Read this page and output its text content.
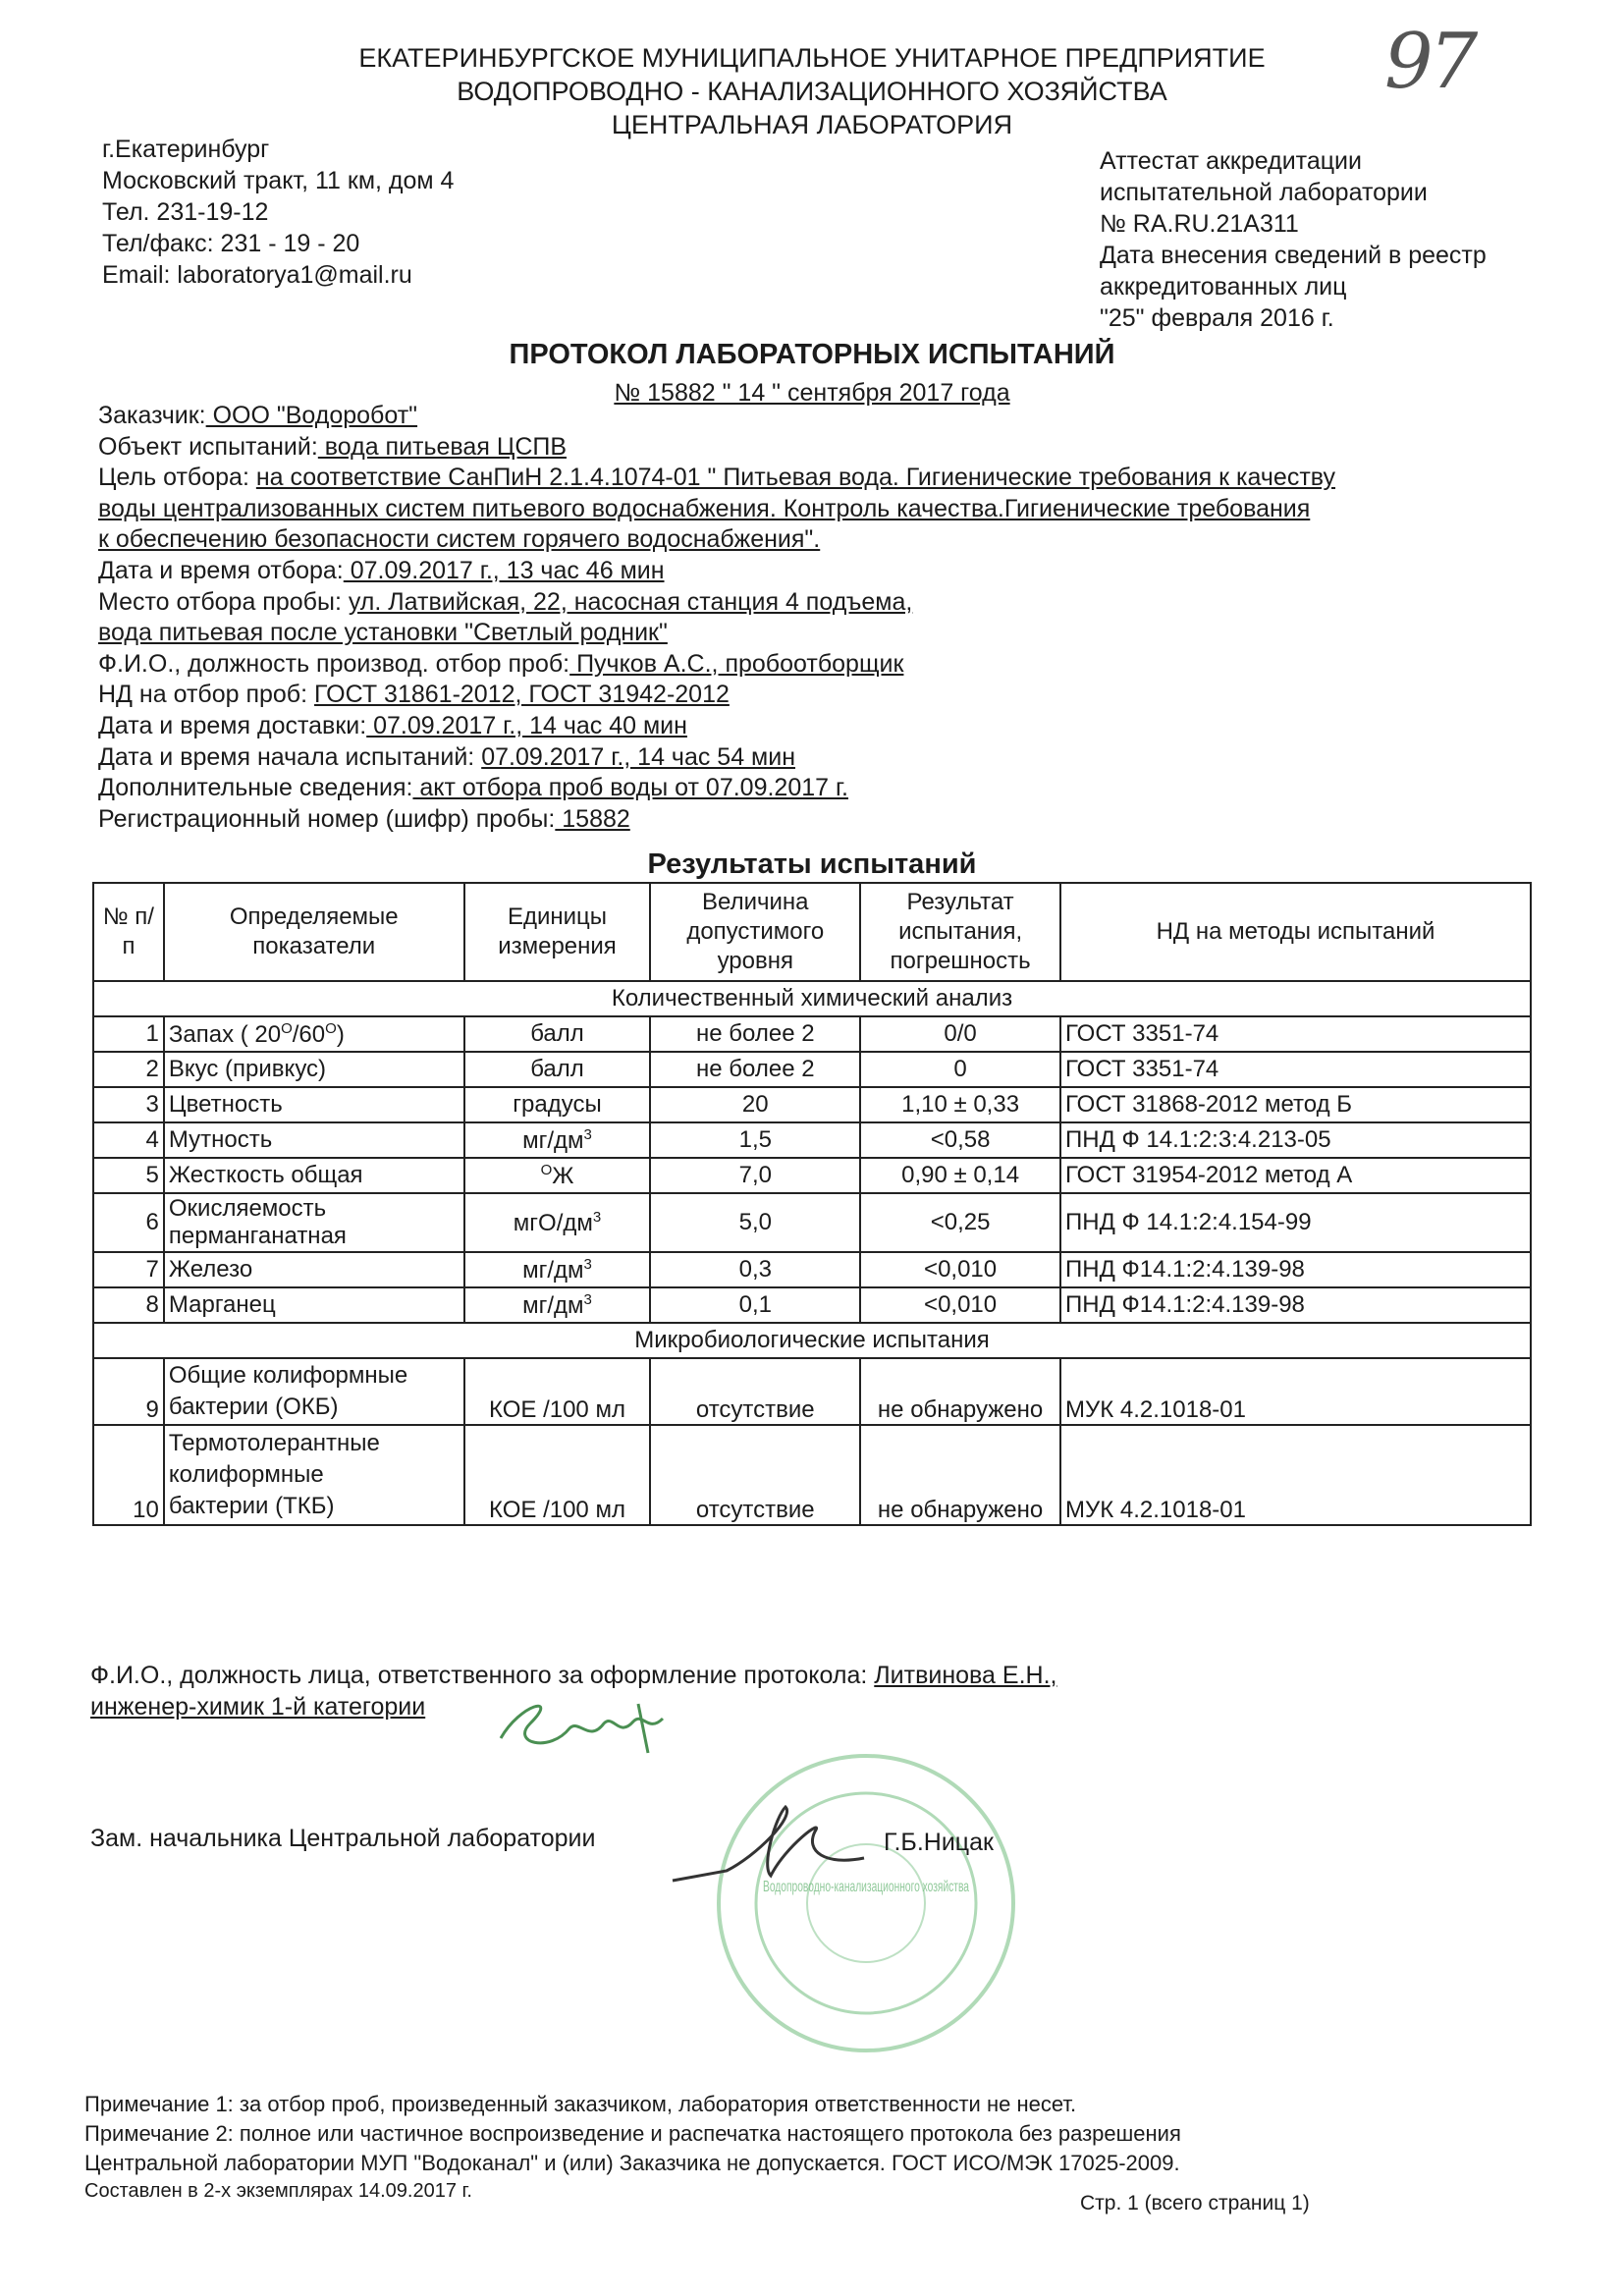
ЕКАТЕРИНБУРГСКОЕ МУНИЦИПАЛЬНОЕ УНИТАРНОЕ ПРЕДПРИЯТИЕ
ВОДОПРОВОДНО - КАНАЛИЗАЦИОННОГО ХОЗЯЙСТВА
ЦЕНТРАЛЬНАЯ ЛАБОРАТОРИЯ
97
г.Екатеринбург
Московский тракт, 11 км, дом 4
Тел. 231-19-12
Тел/факс: 231 - 19 - 20
Email: laboratorya1@mail.ru
Аттестат аккредитации
испытательной лаборатории
№ RA.RU.21A311
Дата внесения сведений в реестр
аккредитованных лиц
"25" февраля 2016 г.
ПРОТОКОЛ ЛАБОРАТОРНЫХ ИСПЫТАНИЙ
№ 15882 " 14 " сентября 2017 года
Заказчик: ООО "Водоробот"
Объект испытаний: вода питьевая ЦСПВ
Цель отбора: на соответствие СанПиН 2.1.4.1074-01 " Питьевая вода. Гигиенические требования к качеству
воды централизованных систем питьевого водоснабжения. Контроль качества.Гигиенические требования
к обеспечению безопасности систем горячего водоснабжения".
Дата и время отбора: 07.09.2017 г., 13 час 46 мин
Место отбора пробы: ул. Латвийская, 22, насосная станция 4 подъема,
вода питьевая после установки "Светлый родник"
Ф.И.О., должность производ. отбор проб: Пучков А.С., пробоотборщик
НД на отбор проб: ГОСТ 31861-2012, ГОСТ 31942-2012
Дата и время доставки: 07.09.2017 г., 14 час 40 мин
Дата и время начала испытаний: 07.09.2017 г., 14 час 54 мин
Дополнительные сведения: акт отбора проб воды от 07.09.2017 г.
Регистрационный номер (шифр) пробы: 15882
Результаты испытаний
№ п/п	Определяемые показатели	Единицы измерения	Величина допустимого уровня	Результат испытания, погрешность	НД на методы испытаний
Количественный химический анализ					
1	Запах ( $20^О/60^О$)	балл	не более 2	0/0	ГОСТ 3351-74
2	Вкус (привкус)	балл	не более 2	0	ГОСТ 3351-74
3	Цветность	градусы	20	1,10 ± 0,33	ГОСТ 31868-2012 метод Б
4	Мутность	$мг/дм^3$	1,5	<0,58	ПНД Ф 14.1:2:3:4.213-05
5	Жесткость общая	$^О$Ж	7,0	0,90 ± 0,14	ГОСТ 31954-2012 метод А
6	Окисляемость
перманганатная	мгО/$дм^3$	5,0	<0,25	ПНД Ф 14.1:2:4.154-99
7	Железо	$мг/дм^3$	0,3	<0,010	ПНД Ф14.1:2:4.139-98
8	Марганец	$мг/дм^3$	0,1	<0,010	ПНД Ф14.1:2:4.139-98
Микробиологические испытания					
9	Общие колиформные
бактерии (ОКБ)	КОЕ /100 мл	отсутствие	не обнаружено	МУК 4.2.1018-01
10	Термотолерантные
колиформные
бактерии (ТКБ)	КОЕ /100 мл	отсутствие	не обнаружено	МУК 4.2.1018-01
Ф.И.О., должность лица, ответственного за оформление протокола: Литвинова Е.Н.,
инженер-химик 1-й категории
Водопроводно-канализационного хозяйства
Зам. начальника Центральной лаборатории	Г.Б.Ницак
Примечание 1: за отбор проб, произведенный заказчиком, лаборатория ответственности не несет.
Примечание 2: полное или частичное воспроизведение и распечатка настоящего протокола без разрешения
Центральной лаборатории МУП "Водоканал" и (или) Заказчика не допускается. ГОСТ ИСО/МЭК 17025-2009.
Составлен в 2-х экземплярах 14.09.2017 г.
Стр. 1 (всего страниц 1)
